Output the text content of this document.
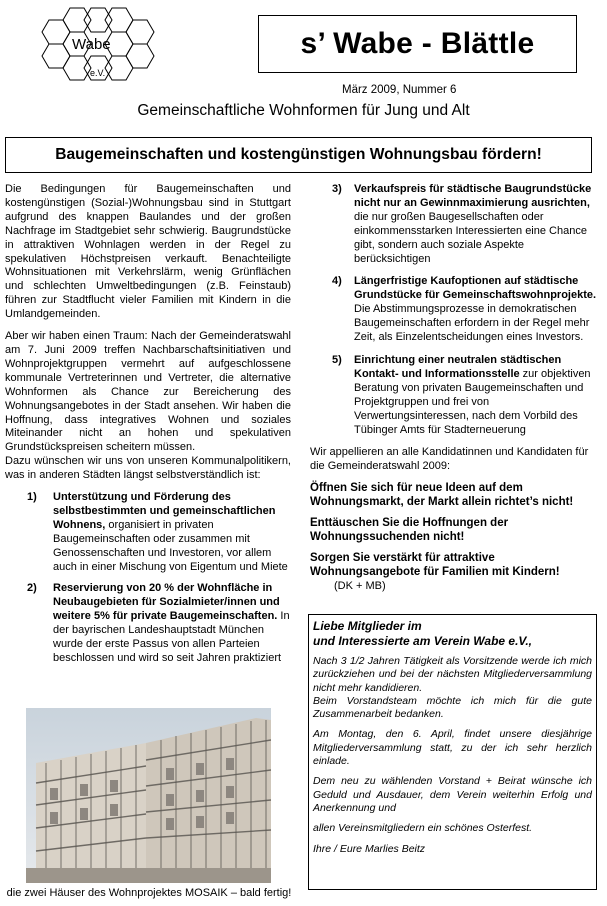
Wabe
e.V.
s’ Wabe - Blättle
März 2009, Nummer 6
Gemeinschaftliche Wohnformen für Jung und Alt
Baugemeinschaften und kostengünstigen Wohnungsbau fördern!

Die Bedingungen für Baugemeinschaften und kostengünstigen (Sozial-)Wohnungsbau sind in Stuttgart aufgrund des knappen Baulandes und der großen Nachfrage im Stadtgebiet sehr schwierig. Baugrundstücke in attraktiven Wohnlagen werden in der Regel zu spekulativen Höchstpreisen verkauft. Benachteiligte Wohnsituationen mit Verkehrslärm, wenig Grünflächen und schlechten Umweltbedingungen (z.B. Feinstaub) führen zur Stadtflucht vieler Familien mit Kindern in die Umlandgemeinden.

Aber wir haben einen Traum: Nach der Gemeinderatswahl am 7. Juni 2009 treffen Nachbarschaftsinitiativen und Wohnprojektgruppen vermehrt auf aufgeschlossene kommunale Vertreterinnen und Vertreter, die alternative Wohnformen als Chance zur Bereicherung des Wohnungsangebotes in der Stadt ansehen. Wir haben die Hoffnung, dass integratives Wohnen und soziales Miteinander nicht an hohen und spekulativen Grundstückspreisen scheitern müssen.

Dazu wünschen wir uns von unseren Kommunalpolitikern, was in anderen Städten längst selbstverständlich ist:

1)	Unterstützung und Förderung des selbstbestimmten und gemeinschaftlichen Wohnens, organisiert in privaten Baugemeinschaften oder zusammen mit Genossenschaften und Investoren, vor allem auch in einer Mischung von Eigentum und Miete
2)	Reservierung von 20 % der Wohnfläche in Neubaugebieten für Sozialmieter/innen und weitere 5% für private Baugemeinschaften. In der bayrischen Landeshauptstadt München wurde der erste Passus von allen Parteien beschlossen und wird so seit Jahren praktiziert
die zwei Häuser des Wohnprojektes MOSAIK – bald fertig!
3)	Verkaufspreis für städtische Baugrundstücke nicht nur an Gewinnmaximierung ausrichten, die nur großen Baugesellschaften oder einkommensstarken Interessierten eine Chance gibt, sondern auch soziale Aspekte berücksichtigen
4)	Längerfristige Kaufoptionen auf städtische Grundstücke für Gemeinschaftswohnprojekte. Die Abstimmungsprozesse in demokratischen Baugemeinschaften erfordern in der Regel mehr Zeit, als Einzelentscheidungen eines Investors.
5)	Einrichtung einer neutralen städtischen Kontakt- und Informationsstelle zur objektiven Beratung von privaten Baugemeinschaften und Projektgruppen und frei von Verwertungsinteressen, nach dem Vorbild des Tübinger Amts für Stadterneuerung

Wir appellieren an alle Kandidatinnen und Kandidaten für die Gemeinderatswahl 2009:

Öffnen Sie sich für neue Ideen auf dem Wohnungsmarkt, der Markt allein richtet’s nicht!

Enttäuschen Sie die Hoffnungen der Wohnungssuchenden nicht!

Sorgen Sie verstärkt für attraktive Wohnungsangebote für Familien mit Kindern! (DK + MB)

Liebe Mitglieder im
und Interessierte am Verein Wabe e.V.,

Nach 3 1/2 Jahren Tätigkeit als Vorsitzende werde ich mich zurückziehen und bei der nächsten Mitgliederversammlung nicht mehr kandidieren.

Beim Vorstandsteam möchte ich mich für die gute Zusammenarbeit bedanken.

Am Montag, den 6. April, findet unsere diesjährige Mitgliederversammlung statt, zu der ich sehr herzlich einlade.

Dem neu zu wählenden Vorstand + Beirat wünsche ich Geduld und Ausdauer, dem Verein weiterhin Erfolg und Anerkennung und

allen Vereinsmitgliedern ein schönes Osterfest.

Ihre / Eure Marlies Beitz
